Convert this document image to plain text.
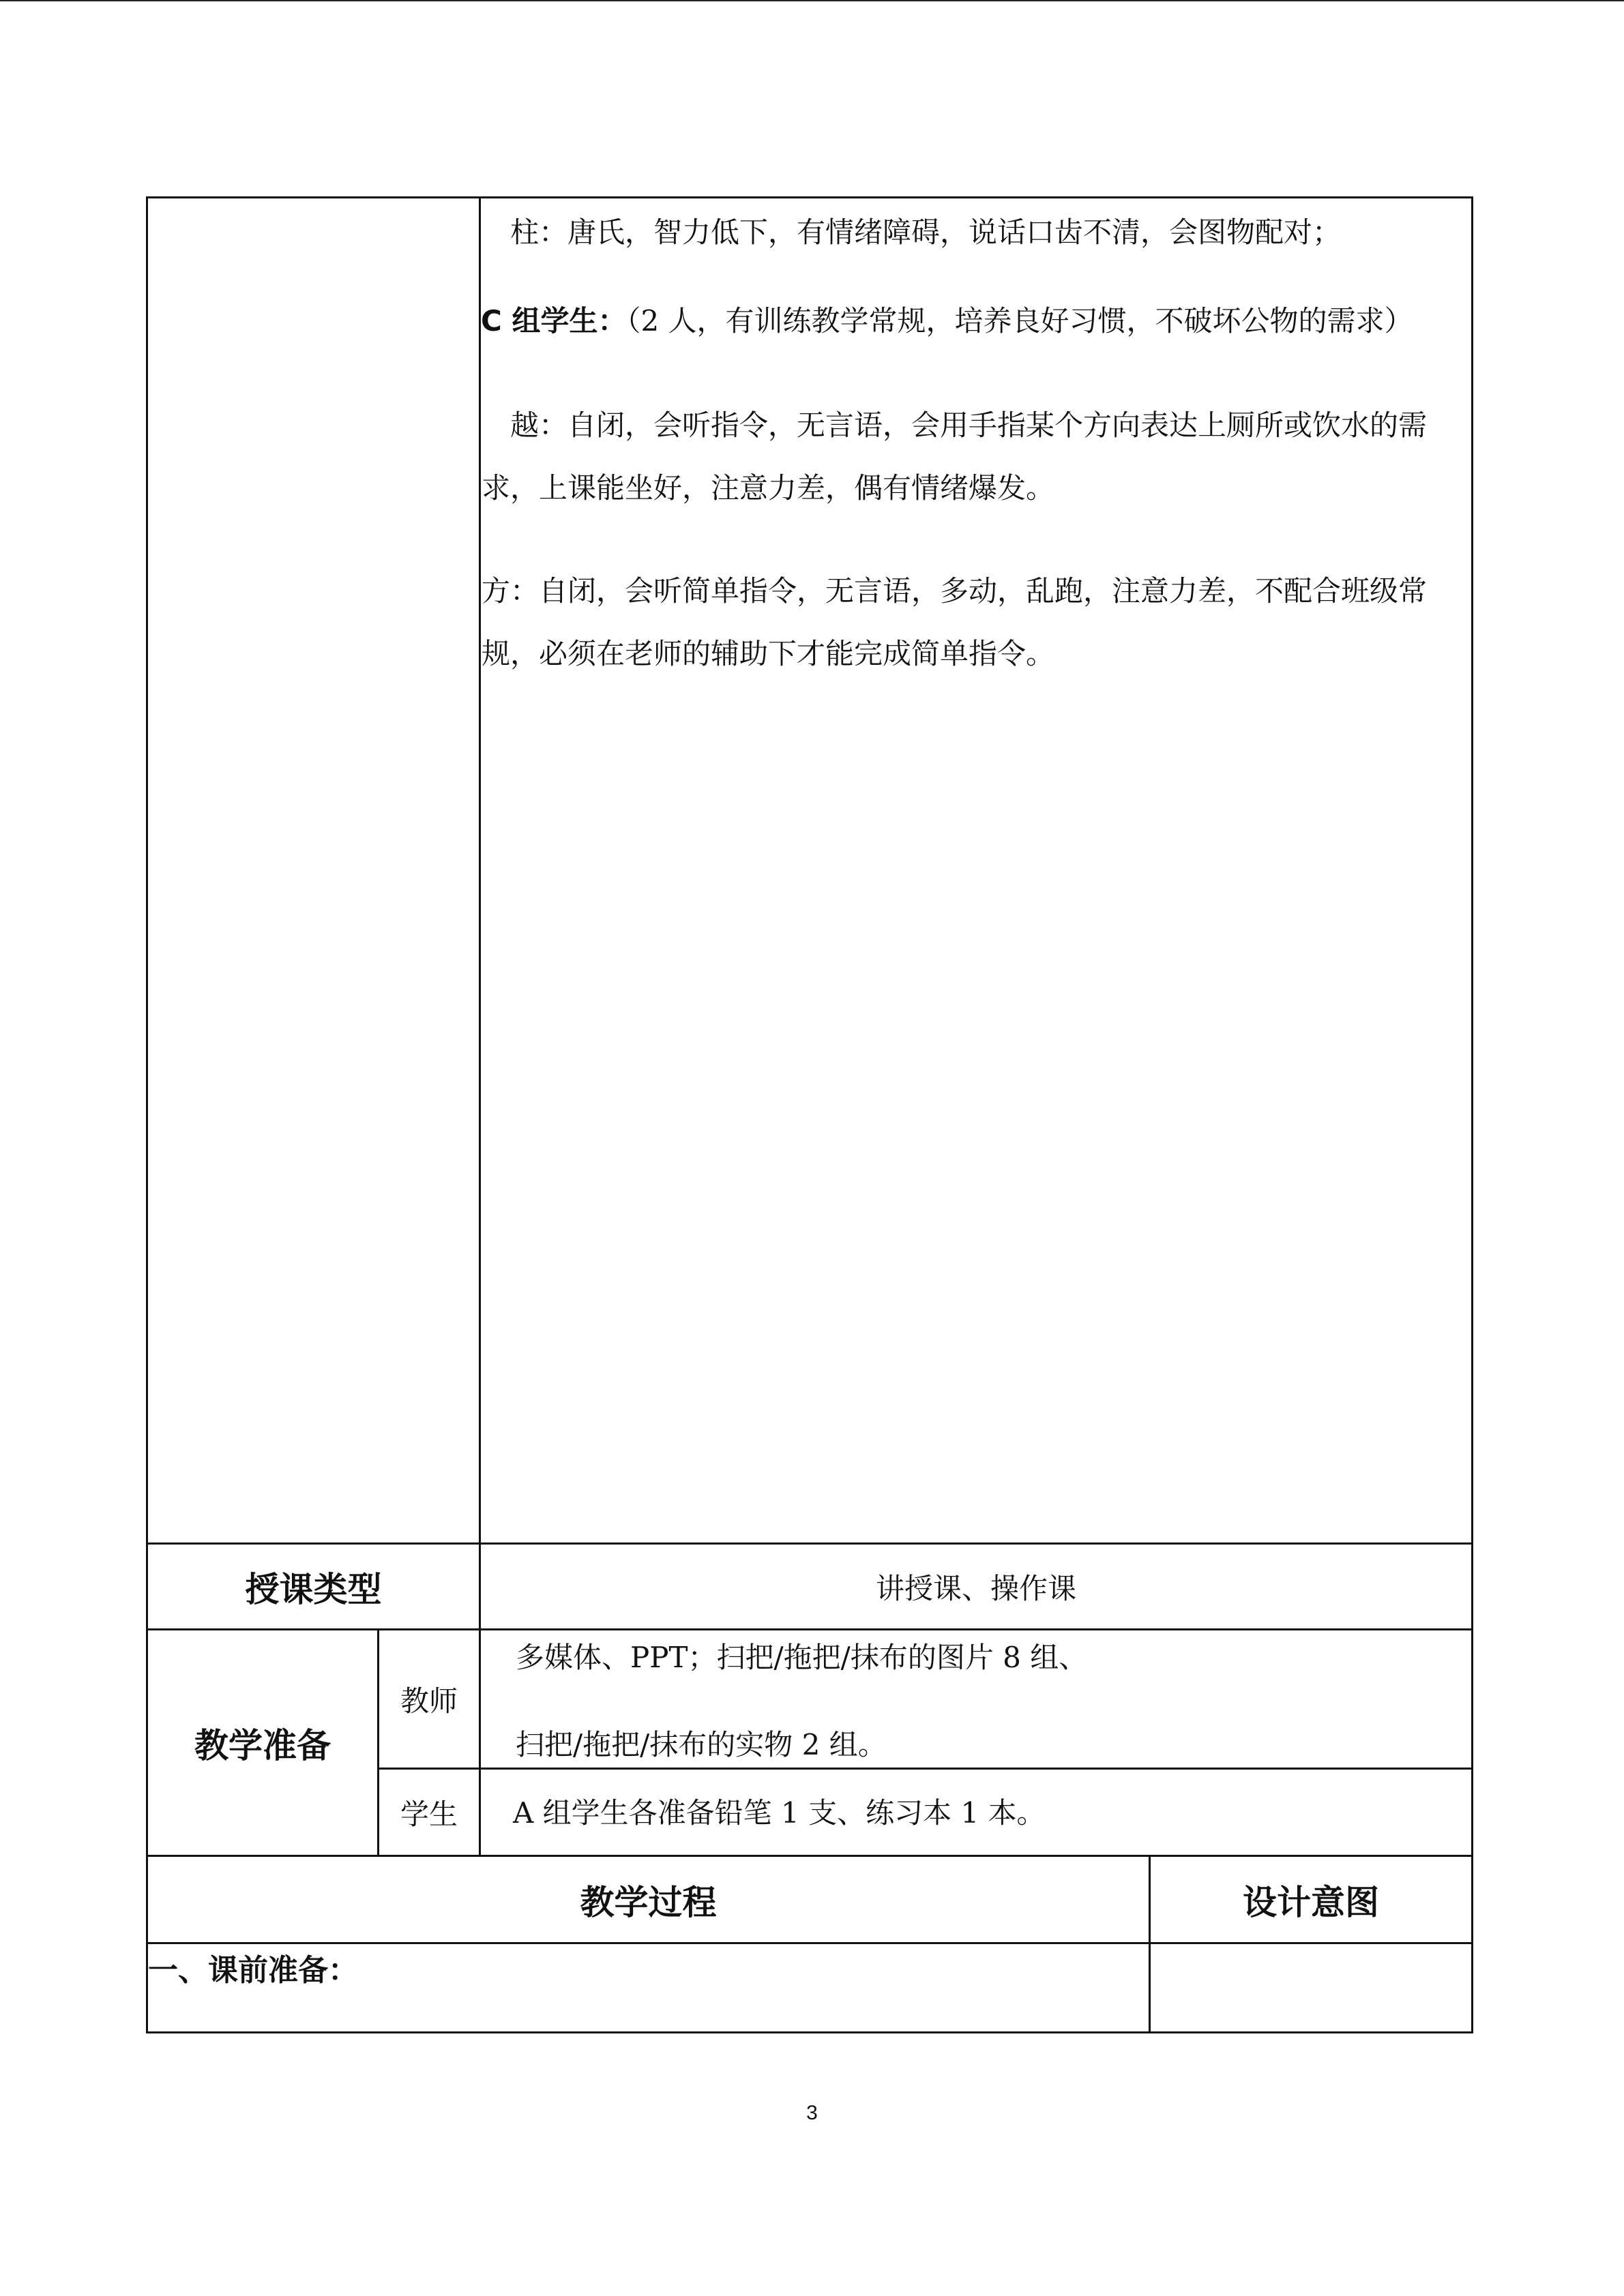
柱：唐氏，智力低下，有情绪障碍，说话口齿不清，会图物配对；
C 组学生：（2 人，有训练教学常规，培养良好习惯，不破坏公物的需求）
越：自闭，会听指令，无言语，会用手指某个方向表达上厕所或饮水的需
求，上课能坐好，注意力差，偶有情绪爆发。
方：自闭，会听简单指令，无言语，多动，乱跑，注意力差，不配合班级常
规，必须在老师的辅助下才能完成简单指令。
授课类型	讲授课、操作课
教学准备
教师
多媒体、PPT；扫把/拖把/抹布的图片 8 组、
扫把/拖把/抹布的实物 2 组。
学生 A 组学生各准备铅笔 1 支、练习本 1 本。
教学过程	设计意图
一、课前准备：
3
